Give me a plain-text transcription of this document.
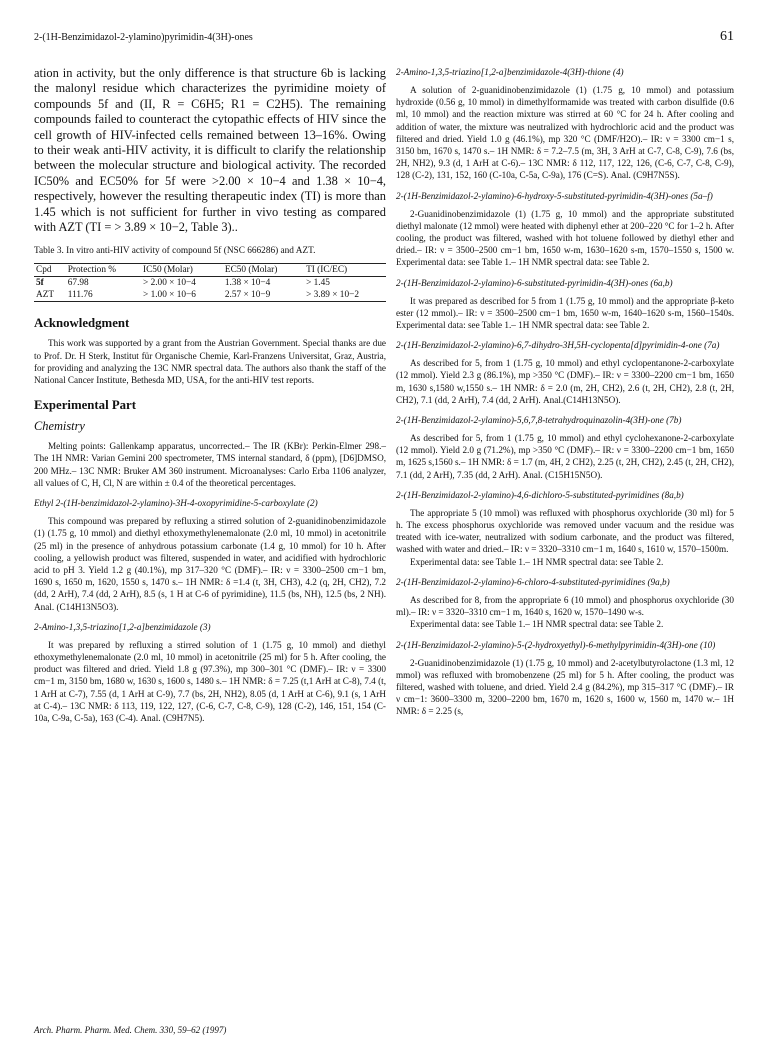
2-(1H-Benzimidazol-2-ylamino)pyrimidin-4(3H)-ones	61

ation in activity, but the only difference is that structure 6b is lacking the malonyl residue which characterizes the pyrimidine moiety of compounds 5f and (II, R = C6H5; R1 = C2H5). The remaining compounds failed to counteract the cytopathic effects of HIV since the cell growth of HIV-infected cells remained between 13–16%. Owing to their weak anti-HIV activity, it is difficult to clarify the relationship between the molecular structure and biological activity. The recorded IC50% and EC50% for 5f were >2.00 × 10−4 and 1.38 × 10−4, respectively, however the resulting therapeutic index (TI) is more than 1.45 which is not sufficient for further in vivo testing as compared with AZT (TI = > 3.89 × 10−2, Table 3)..

Table 3. In vitro anti-HIV activity of compound 5f (NSC 666286) and AZT.

Cpd	Protection %	IC50 (Molar)	EC50 (Molar)	TI (IC/EC)
5f	67.98	> 2.00 × 10−4	1.38 × 10−4	> 1.45
AZT	111.76	> 1.00 × 10−6	2.57 × 10−9	> 3.89 × 10−2
Acknowledgment

This work was supported by a grant from the Austrian Government. Special thanks are due to Prof. Dr. H Sterk, Institut für Organische Chemie, Karl-Franzens Universitat, Graz, Austria, for providing and analyzing the 13C NMR spectral data. The authors also thank the staff of the National Cancer Institute, Bethesda MD, USA, for the anti-HIV test reports.

Experimental Part
Chemistry

Melting points: Gallenkamp apparatus, uncorrected.– The IR (KBr): Perkin-Elmer 298.– The 1H NMR: Varian Gemini 200 spectrometer, TMS internal standard, δ (ppm), [D6]DMSO, 200 MHz.– 13C NMR: Bruker AM 360 instrument. Microanalyses: Carlo Erba 1106 analyzer, all values of C, H, Cl, N are within ± 0.4 of the theoretical percentages.

Ethyl 2-(1H-benzimidazol-2-ylamino)-3H-4-oxopyrimidine-5-carboxylate (2)

This compound was prepared by refluxing a stirred solution of 2-guanidinobenzimidazole (1) (1.75 g, 10 mmol) and diethyl ethoxymethylenemalonate (2.0 ml, 10 mmol) in acetonitrile (25 ml) in the presence of anhydrous potassium carbonate (1.4 g, 10 mmol) for 10 h. After cooling, a yellowish product was filtered, suspended in water, and acidified with hydrochloric acid to pH 3. Yield 1.2 g (40.1%), mp 317–320 °C (DMF).– IR: ν = 3300–2500 cm−1 bm, 1690 s, 1650 m, 1620, 1550 s, 1470 s.– 1H NMR: δ =1.4 (t, 3H, CH3), 4.2 (q, 2H, CH2), 7.2 (dd, 2 ArH), 7.4 (dd, 2 ArH), 8.5 (s, 1 H at C-6 of pyrimidine), 11.5 (bs, NH), 12.5 (bs, 2 NH). Anal. (C14H13N5O3).

2-Amino-1,3,5-triazino[1,2-a]benzimidazole (3)

It was prepared by refluxing a stirred solution of 1 (1.75 g, 10 mmol) and diethyl ethoxymethylenemalonate (2.0 ml, 10 mmol) in acetonitrile (25 ml) for 5 h. After cooling, the product was filtered and dried. Yield 1.8 g (97.3%), mp 300–301 °C (DMF).– IR: ν = 3300 cm−1 m, 3150 bm, 1680 w, 1630 s, 1600 s, 1480 s.– 1H NMR: δ = 7.25 (t,1 ArH at C-8), 7.4 (t, 1 ArH at C-7), 7.55 (d, 1 ArH at C-9), 7.7 (bs, 2H, NH2), 8.05 (d, 1 ArH at C-6), 9.1 (s, 1 ArH at C-4).– 13C NMR: δ 113, 119, 122, 127, (C-6, C-7, C-8, C-9), 128 (C-2), 146, 151, 154 (C-10a, C-9a, C-5a), 163 (C-4). Anal. (C9H7N5).

2-Amino-1,3,5-triazino[1,2-a]benzimidazole-4(3H)-thione (4)

A solution of 2-guanidinobenzimidazole (1) (1.75 g, 10 mmol) and potassium hydroxide (0.56 g, 10 mmol) in dimethylformamide was treated with carbon disulfide (0.6 ml, 10 mmol) and the reaction mixture was stirred at 60 °C for 24 h. After cooling and addition of water, the mixture was neutralized with hydrochloric acid and the product was filtered and dried. Yield 1.0 g (46.1%), mp 320 °C (DMF/H2O).– IR: ν = 3300 cm−1 s, 3150 bm, 1670 s, 1470 s.– 1H NMR: δ = 7.2–7.5 (m, 3H, 3 ArH at C-7, C-8, C-9), 7.6 (bs, 2H, NH2), 9.3 (d, 1 ArH at C-6).– 13C NMR: δ 112, 117, 122, 126, (C-6, C-7, C-8, C-9), 128 (C-2), 131, 152, 160 (C-10a, C-5a, C-9a), 176 (C=S). Anal. (C9H7N5S).

2-(1H-Benzimidazol-2-ylamino)-6-hydroxy-5-substituted-pyrimidin-4(3H)-ones (5a–f)

2-Guanidinobenzimidazole (1) (1.75 g, 10 mmol) and the appropriate substituted diethyl malonate (12 mmol) were heated with diphenyl ether at 200–220 °C for 1–2 h. After cooling, the product was filtered, washed with hot toluene followed by diethyl ether and dried.– IR: ν = 3500–2500 cm−1 bm, 1650 w-m, 1630–1620 s-m, 1570–1550 s, 1500 w. Experimental data: see Table 1.– 1H NMR spectral data: see Table 2.

2-(1H-Benzimidazol-2-ylamino)-6-substituted-pyrimidin-4(3H)-ones (6a,b)

It was prepared as described for 5 from 1 (1.75 g, 10 mmol) and the appropriate β-keto ester (12 mmol).– IR: ν = 3500–2500 cm−1 bm, 1650 w-m, 1640–1620 s-m, 1560–1540s. Experimental data: see Table 1.– 1H NMR spectral data: see Table 2.

2-(1H-Benzimidazol-2-ylamino)-6,7-dihydro-3H,5H-cyclopenta[d]pyrimidin-4-one (7a)

As described for 5, from 1 (1.75 g, 10 mmol) and ethyl cyclopentanone-2-carboxylate (12 mmol). Yield 2.3 g (86.1%), mp >350 °C (DMF).– IR: ν = 3300–2200 cm−1 bm, 1650 m, 1630 s,1580 w,1550 s.– 1H NMR: δ = 2.0 (m, 2H, CH2), 2.6 (t, 2H, CH2), 2.8 (t, 2H, CH2), 7.1 (dd, 2 ArH), 7.4 (dd, 2 ArH). Anal.(C14H13N5O).

2-(1H-Benzimidazol-2-ylamino)-5,6,7,8-tetrahydroquinazolin-4(3H)-one (7b)

As described for 5, from 1 (1.75 g, 10 mmol) and ethyl cyclohexanone-2-carboxylate (12 mmol). Yield 2.0 g (71.2%), mp >350 °C (DMF).– IR: ν = 3300–2200 cm−1 bm, 1650 m, 1625 s,1560 s.– 1H NMR: δ = 1.7 (m, 4H, 2 CH2), 2.25 (t, 2H, CH2), 2.45 (t, 2H, CH2), 7.1 (dd, 2 ArH), 7.35 (dd, 2 ArH). Anal. (C15H15N5O).

2-(1H-Benzimidazol-2-ylamino)-4,6-dichloro-5-substituted-pyrimidines (8a,b)

The appropriate 5 (10 mmol) was refluxed with phosphorus oxychloride (30 ml) for 5 h. The excess phosphorus oxychloride was removed under vacuum and the residue was treated with ice-water, neutralized with sodium carbonate, and the product was filtered, washed with water and dried.– IR: ν = 3320–3310 cm−1 m, 1640 s, 1610 w, 1570–1500m.

Experimental data: see Table 1.– 1H NMR spectral data: see Table 2.

2-(1H-Benzimidazol-2-ylamino)-6-chloro-4-substituted-pyrimidines (9a,b)

As described for 8, from the appropriate 6 (10 mmol) and phosphorus oxychloride (30 ml).– IR: ν = 3320–3310 cm−1 m, 1640 s, 1620 w, 1570–1490 w-s.

Experimental data: see Table 1.– 1H NMR spectral data: see Table 2.

2-(1H-Benzimidazol-2-ylamino)-5-(2-hydroxyethyl)-6-methylpyrimidin-4(3H)-one (10)

2-Guanidinobenzimidazole (1) (1.75 g, 10 mmol) and 2-acetylbutyrolactone (1.3 ml, 12 mmol) was refluxed with bromobenzene (25 ml) for 5 h. After cooling, the product was filtered, washed with toluene, and dried. Yield 2.4 g (84.2%), mp 315–317 °C (DMF).– IR ν cm−1: 3600–3300 m, 3200–2200 bm, 1670 m, 1620 s, 1600 w, 1560 m, 1470 w.– 1H NMR: δ = 2.25 (s,

Arch. Pharm. Pharm. Med. Chem. 330, 59–62 (1997)
